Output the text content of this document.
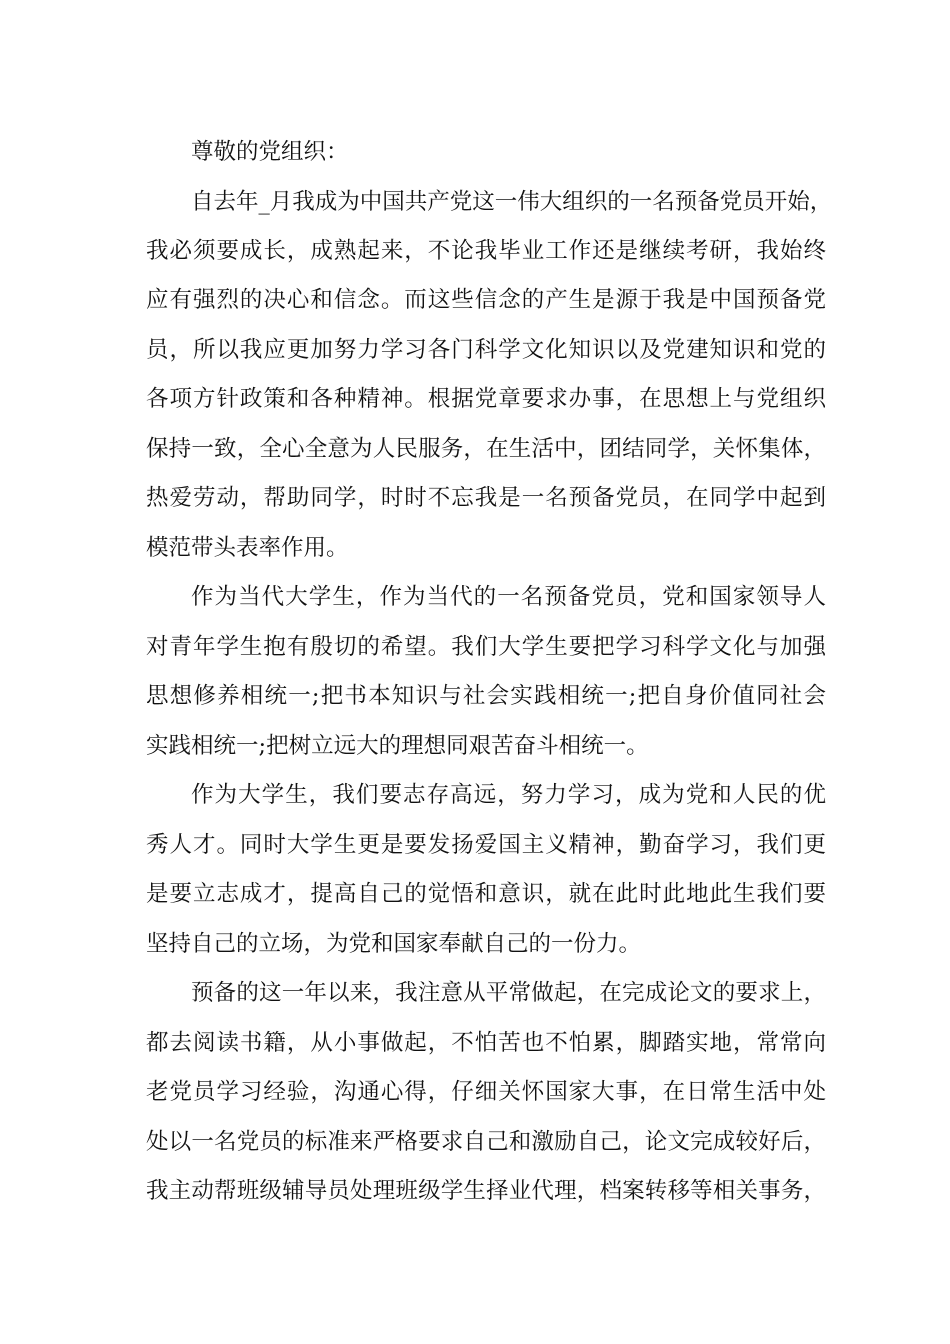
尊敬的党组织：
自去年_月我成为中国共产党这一伟大组织的一名预备党员开始，
我必须要成长，成熟起来，不论我毕业工作还是继续考研，我始终
应有强烈的决心和信念。而这些信念的产生是源于我是中国预备党
员，所以我应更加努力学习各门科学文化知识以及党建知识和党的
各项方针政策和各种精神。根据党章要求办事，在思想上与党组织
保持一致，全心全意为人民服务，在生活中，团结同学，关怀集体，
热爱劳动，帮助同学，时时不忘我是一名预备党员，在同学中起到
模范带头表率作用。
作为当代大学生，作为当代的一名预备党员，党和国家领导人
对青年学生抱有殷切的希望。我们大学生要把学习科学文化与加强
思想修养相统一;把书本知识与社会实践相统一;把自身价值同社会
实践相统一;把树立远大的理想同艰苦奋斗相统一。
作为大学生，我们要志存高远，努力学习，成为党和人民的优
秀人才。同时大学生更是要发扬爱国主义精神，勤奋学习，我们更
是要立志成才，提高自己的觉悟和意识，就在此时此地此生我们要
坚持自己的立场，为党和国家奉献自己的一份力。
预备的这一年以来，我注意从平常做起，在完成论文的要求上，
都去阅读书籍，从小事做起，不怕苦也不怕累，脚踏实地，常常向
老党员学习经验，沟通心得，仔细关怀国家大事，在日常生活中处
处以一名党员的标准来严格要求自己和激励自己，论文完成较好后，
我主动帮班级辅导员处理班级学生择业代理，档案转移等相关事务，
